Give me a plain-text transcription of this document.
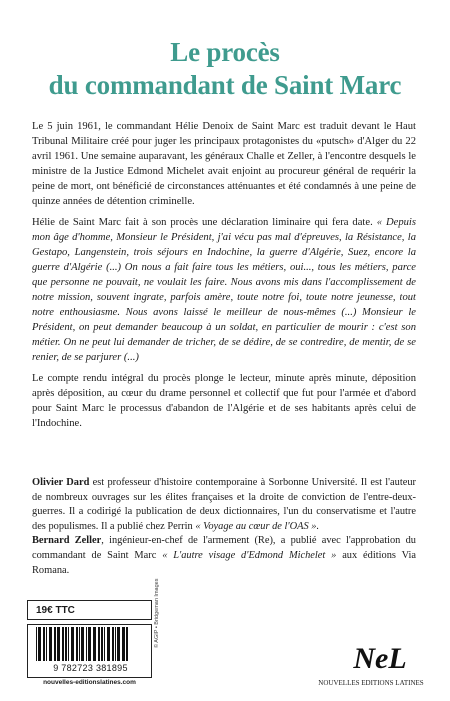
Le procès
du commandant de Saint Marc

Le 5 juin 1961, le commandant Hélie Denoix de Saint Marc est traduit devant le Haut Tribunal Militaire créé pour juger les principaux protagonistes du «putsch» d'Alger du 22 avril 1961. Une semaine auparavant, les généraux Challe et Zeller, à l'encontre desquels le ministre de la Justice Edmond Michelet avait enjoint au procureur général de requérir la peine de mort, ont bénéficié de circonstances atténuantes et été condamnés à une peine de quinze années de détention criminelle.

Hélie de Saint Marc fait à son procès une déclaration liminaire qui fera date. « Depuis mon âge d'homme, Monsieur le Président, j'ai vécu pas mal d'épreuves, la Résistance, la Gestapo, Langenstein, trois séjours en Indochine, la guerre d'Algérie, Suez, encore la guerre d'Algérie (...) On nous a fait faire tous les métiers, oui..., tous les métiers, parce que personne ne pouvait, ne voulait les faire. Nous avons mis dans l'accomplissement de notre mission, souvent ingrate, parfois amère, toute notre foi, toute notre jeunesse, tout notre enthousiasme. Nous avons laissé le meilleur de nous-mêmes (...) Monsieur le Président, on peut demander beaucoup à un soldat, en particulier de mourir : c'est son métier. On ne peut lui demander de tricher, de se dédire, de se contredire, de mentir, de se renier, de se parjurer (...)

Le compte rendu intégral du procès plonge le lecteur, minute après minute, déposition après déposition, au cœur du drame personnel et collectif que fut pour l'armée et d'abord pour Saint Marc le processus d'abandon de l'Algérie et de ses habitants après celui de l'Indochine.

Olivier Dard est professeur d'histoire contemporaine à Sorbonne Université. Il est l'auteur de nombreux ouvrages sur les élites françaises et la droite de conviction de l'entre-deux-guerres. Il a codirigé la publication de deux dictionnaires, l'un du conservatisme et l'autre des populismes. Il a publié chez Perrin « Voyage au cœur de l'OAS ».

Bernard Zeller, ingénieur-en-chef de l'armement (Re), a publié avec l'approbation du commandant de Saint Marc « L'autre visage d'Edmond Michelet » aux éditions Via Romana.

19€ TTC
9 782723 381895
nouvelles-editionslatines.com
© AGIP • Bridgeman Images
NeL
NOUVELLES EDITIONS LATINES
